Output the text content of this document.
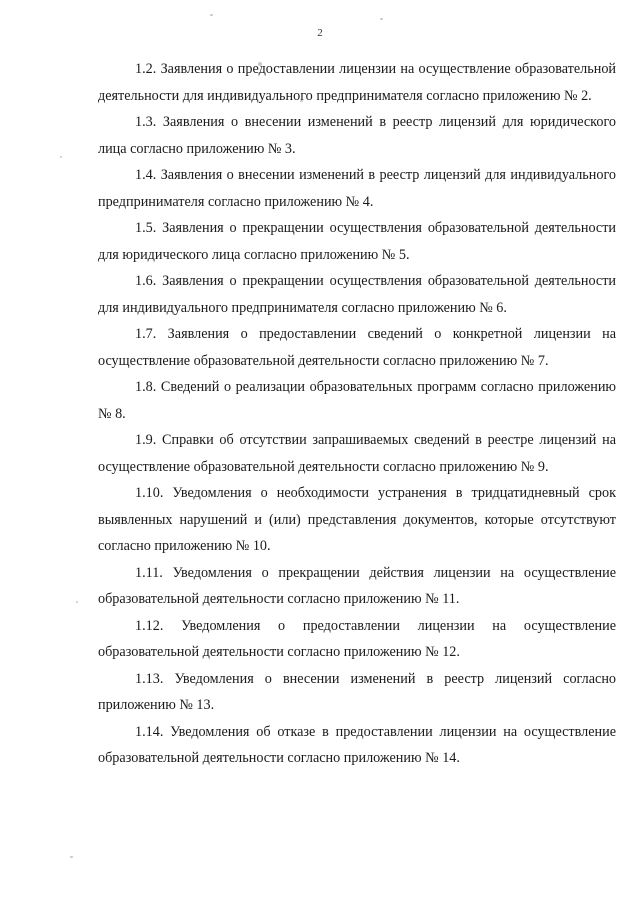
2

1.2. Заявления о предоставлении лицензии на осуществление образовательной деятельности для индивидуального предпринимателя согласно приложению № 2.

1.3. Заявления о внесении изменений в реестр лицензий для юридического лица согласно приложению № 3.

1.4. Заявления о внесении изменений в реестр лицензий для индивидуального предпринимателя согласно приложению № 4.

1.5. Заявления о прекращении осуществления образовательной деятельности для юридического лица согласно приложению № 5.

1.6. Заявления о прекращении осуществления образовательной деятельности для индивидуального предпринимателя согласно приложению № 6.

1.7. Заявления о предоставлении сведений о конкретной лицензии на осуществление образовательной деятельности согласно приложению № 7.

1.8. Сведений о реализации образовательных программ согласно приложению № 8.

1.9. Справки об отсутствии запрашиваемых сведений в реестре лицензий на осуществление образовательной деятельности согласно приложению № 9.

1.10. Уведомления о необходимости устранения в тридцатидневный срок выявленных нарушений и (или) представления документов, которые отсутствуют согласно приложению № 10.

1.11. Уведомления о прекращении действия лицензии на осуществление образовательной деятельности согласно приложению № 11.

1.12. Уведомления о предоставлении лицензии на осуществление образовательной деятельности согласно приложению № 12.

1.13. Уведомления о внесении изменений в реестр лицензий согласно приложению № 13.

1.14. Уведомления об отказе в предоставлении лицензии на осуществление образовательной деятельности согласно приложению № 14.
